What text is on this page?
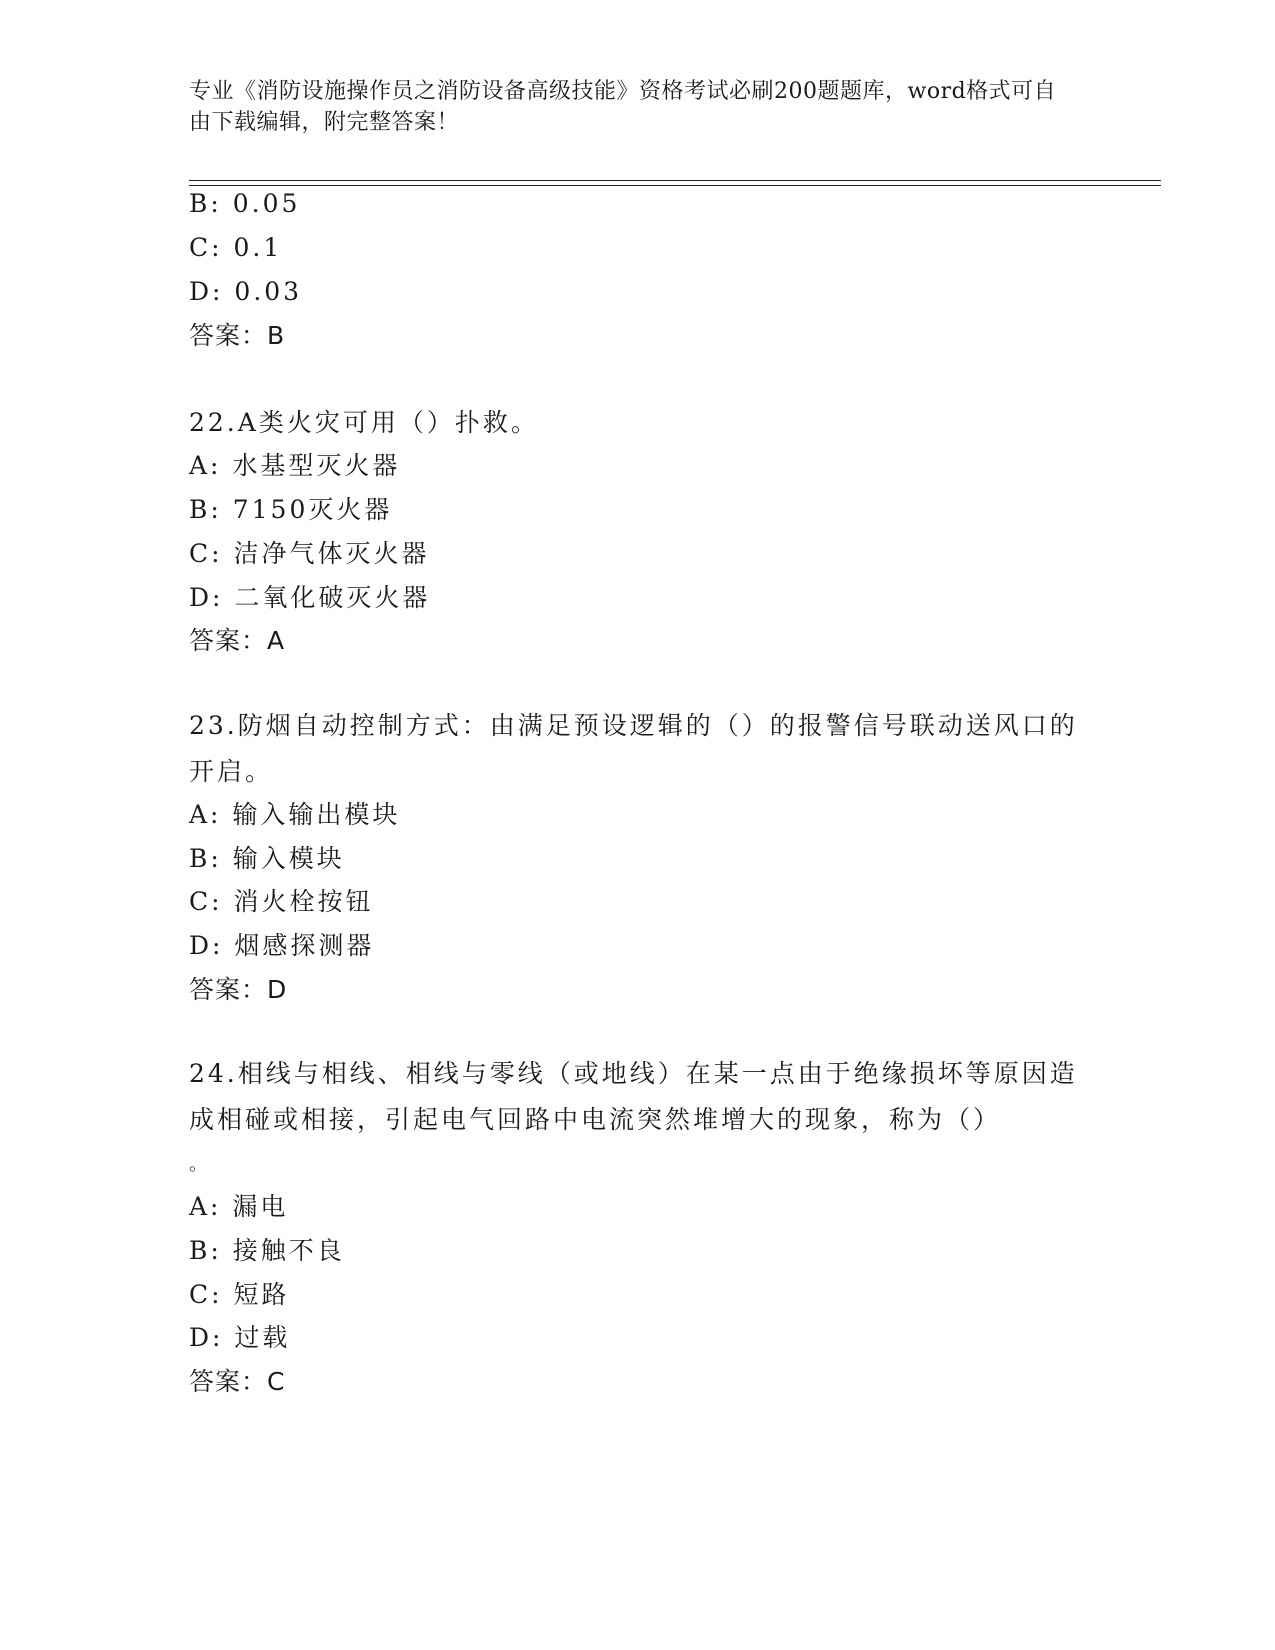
专业《消防设施操作员之消防设备高级技能》资格考试必刷200题题库，word格式可自由下载编辑，附完整答案！
B: 0.05
C: 0.1
D: 0.03
答案：B
22.A类火灾可用（）扑救。
A: 水基型灭火器
B: 7150灭火器
C: 洁净气体灭火器
D: 二氧化破灭火器
答案：A
23.防烟自动控制方式：由满足预设逻辑的（）的报警信号联动送风口的开启。
A: 输入输出模块
B: 输入模块
C: 消火栓按钮
D: 烟感探测器
答案：D
24.相线与相线、相线与零线（或地线）在某一点由于绝缘损坏等原因造成相碰或相接，引起电气回路中电流突然堆增大的现象，称为（）
。
A: 漏电
B: 接触不良
C: 短路
D: 过载
答案：C
